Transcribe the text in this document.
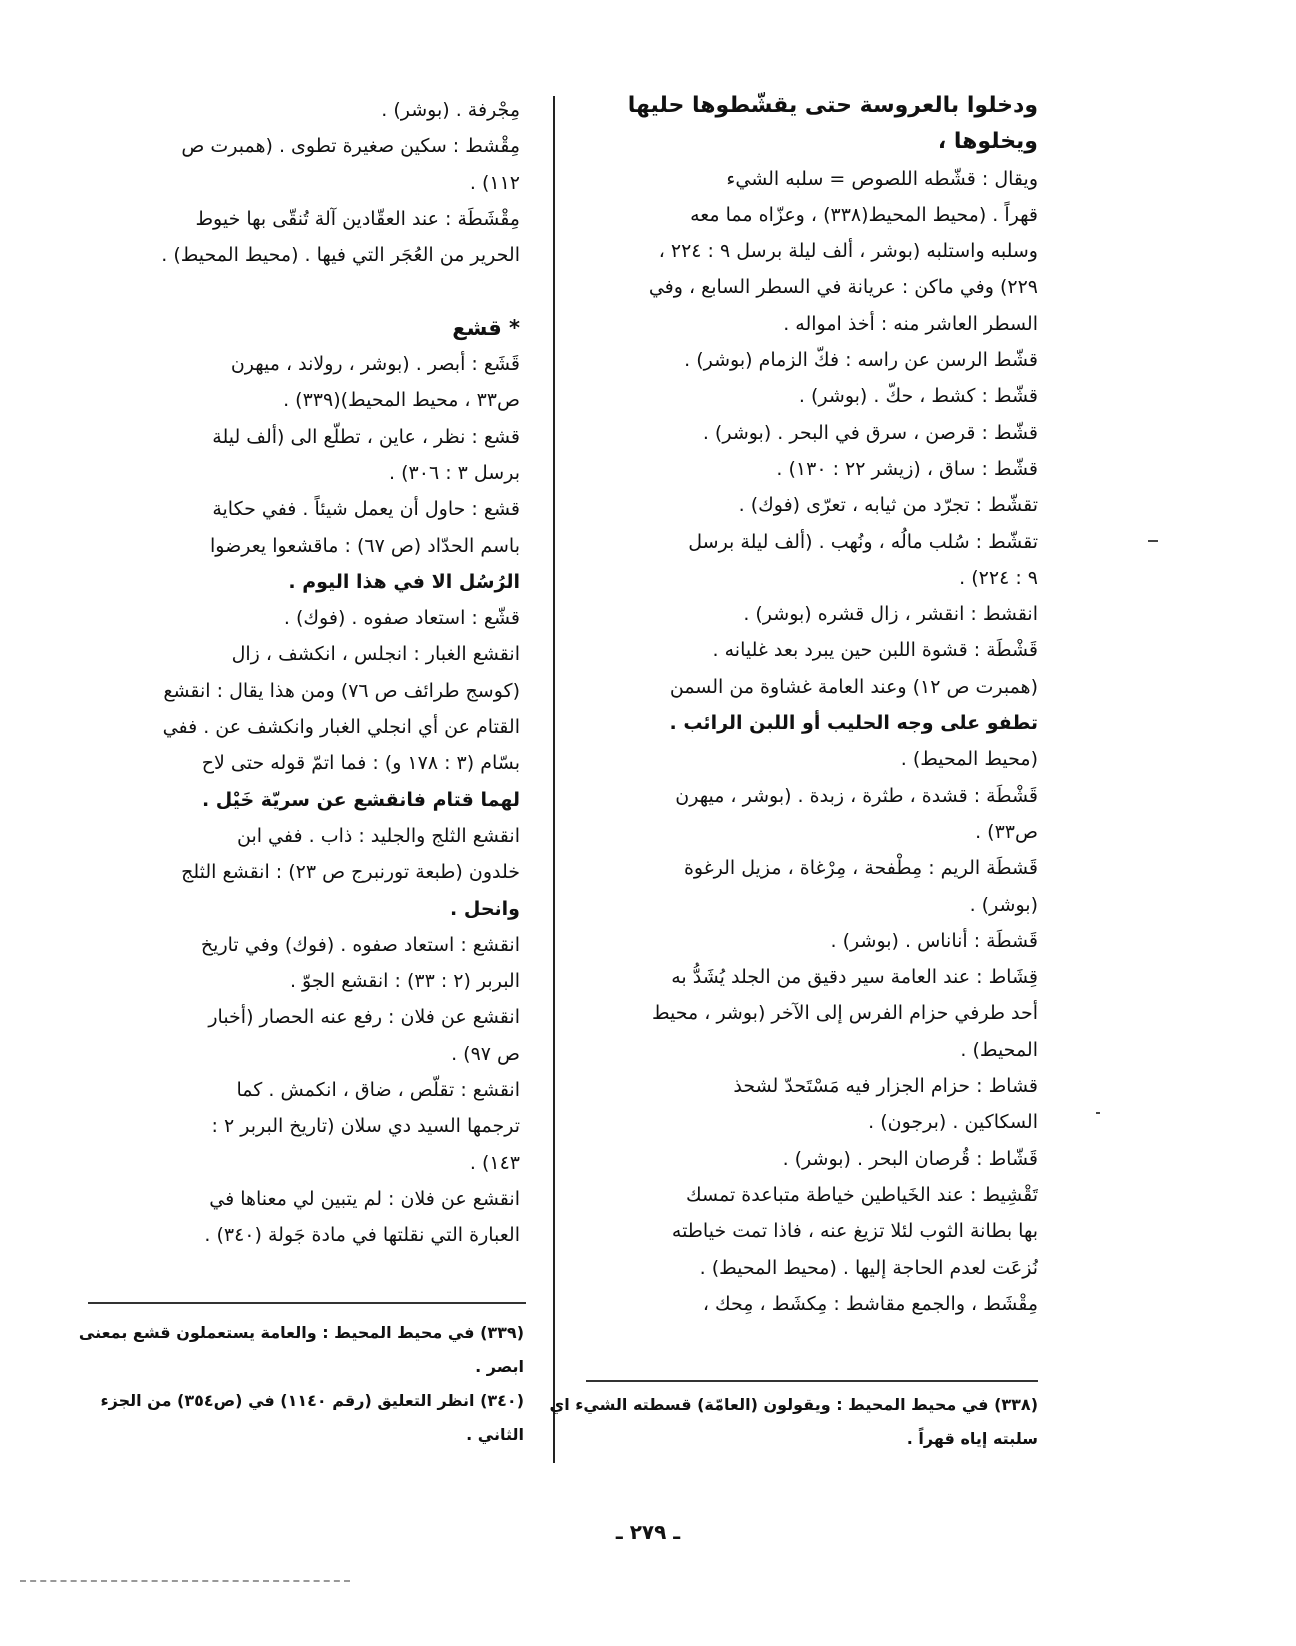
ودخلوا بالعروسة حتى يقشّطوها حليها
ويخلوها ،
ويقال : قشّطه اللصوص = سلبه الشيء
قهراً . (محيط المحيط(٣٣٨) ، وعزّاه مما معه
وسلبه واستلبه (بوشر ، ألف ليلة برسل ٩ : ٢٢٤ ،
٢٢٩) وفي ماكن : عريانة في السطر السابع ، وفي
السطر العاشر منه : أخذ امواله .
قشّط الرسن عن راسه : فكّ الزمام (بوشر) .
قشّط : كشط ، حكّ . (بوشر) .
قشّط : قرصن ، سرق في البحر . (بوشر) .
قشّط : ساق ، (زيشر ٢٢ : ١٣٠) .
تقشّط : تجرّد من ثيابه ، تعرّى (فوك) .
تقشّط : سُلب مالُه ، ونُهب . (ألف ليلة برسل
٩ : ٢٢٤) .
انقشط : انقشر ، زال قشره (بوشر) .
قَشْطَة : قشوة اللبن حين يبرد بعد غليانه .
(همبرت ص ١٢) وعند العامة غشاوة من السمن
تطفو على وجه الحليب أو اللبن الرائب .
(محيط المحيط) .
قَشْطَة : قشدة ، طثرة ، زبدة . (بوشر ، ميهرن
ص٣٣) .
قَشطَة الريم : مِطْفحة ، مِرْغاة ، مزيل الرغوة
(بوشر) .
قَشطَة : أناناس . (بوشر) .
قِشَاط : عند العامة سير دقيق من الجلد يُشَدُّ به
أحد طرفي حزام الفرس إلى الآخر (بوشر ، محيط
المحيط) .
قشاط : حزام الجزار فيه مَسْتَحدّ لشحذ
السكاكين . (برجون) .
قَشّاط : قُرصان البحر . (بوشر) .
تَقْشِيط : عند الخَياطين خياطة متباعدة تمسك
بها بطانة الثوب لئلا تزيغ عنه ، فاذا تمت خياطته
نُزعَت لعدم الحاجة إليها . (محيط المحيط) .
مِقْشَط ، والجمع مقاشط : مِكشَط ، مِحك ،
مِجْرفة . (بوشر) .
مِقْشط : سكين صغيرة تطوى . (همبرت ص
١١٢) .
مِقْشَطَة : عند العقّادين آلة تُنقّى بها خيوط
الحرير من العُجَر التي فيها . (محيط المحيط) .
* قشع
قَشَع : أبصر . (بوشر ، رولاند ، ميهرن
ص٣٣ ، محيط المحيط)(٣٣٩) .
قشع : نظر ، عاين ، تطلّع الى (ألف ليلة
برسل ٣ : ٣٠٦) .
قشع : حاول أن يعمل شيئاً . ففي حكاية
باسم الحدّاد (ص ٦٧) : ماقشعوا يعرضوا
الرُسُل الا في هذا اليوم .
قشّع : استعاد صفوه . (فوك) .
انقشع الغبار : انجلس ، انكشف ، زال
(كوسج طرائف ص ٧٦) ومن هذا يقال : انقشع
القتام عن أي انجلي الغبار وانكشف عن . ففي
بسّام (٣ : ١٧٨ و) : فما اتمّ قوله حتى لاح
لهما قتام فانقشع عن سريّة خَيْل .
انقشع الثلج والجليد : ذاب . ففي ابن
خلدون (طبعة تورنبرج ص ٢٣) : انقشع الثلج
وانحل .
انقشع : استعاد صفوه . (فوك) وفي تاريخ
البربر (٢ : ٣٣) : انقشع الجوّ .
انقشع عن فلان : رفع عنه الحصار (أخبار
ص ٩٧) .
انقشع : تقلّص ، ضاق ، انكمش . كما
ترجمها السيد دي سلان (تاريخ البربر ٢ :
١٤٣) .
انقشع عن فلان : لم يتبين لي معناها في
العبارة التي نقلتها في مادة جَولة (٣٤٠) .
(٣٣٩) في محيط المحيط : والعامة يستعملون قشع بمعنى
ابصر .
(٣٤٠) انظر التعليق (رقم ١١٤٠) في (ص٣٥٤) من الجزء
الثاني .
(٣٣٨) في محيط المحيط : ويقولون (العامّة) قسطته الشيء اي
سلبته إياه قهراً .
ـ ٢٧٩ ـ
